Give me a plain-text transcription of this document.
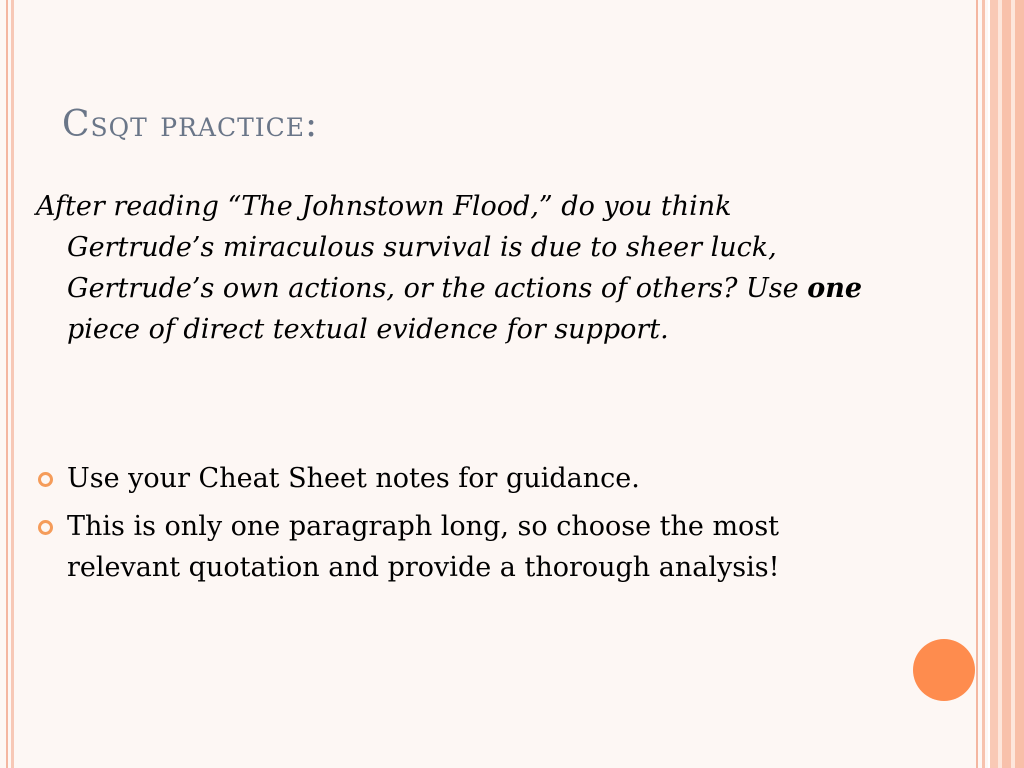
Csqt practice:

After reading “The Johnstown Flood,” do you think
Gertrude’s miraculous survival is due to sheer luck,
Gertrude’s own actions, or the actions of others? Use one
piece of direct textual evidence for support.

Use your Cheat Sheet notes for guidance.
This is only one paragraph long, so choose the most
relevant quotation and provide a thorough analysis!
